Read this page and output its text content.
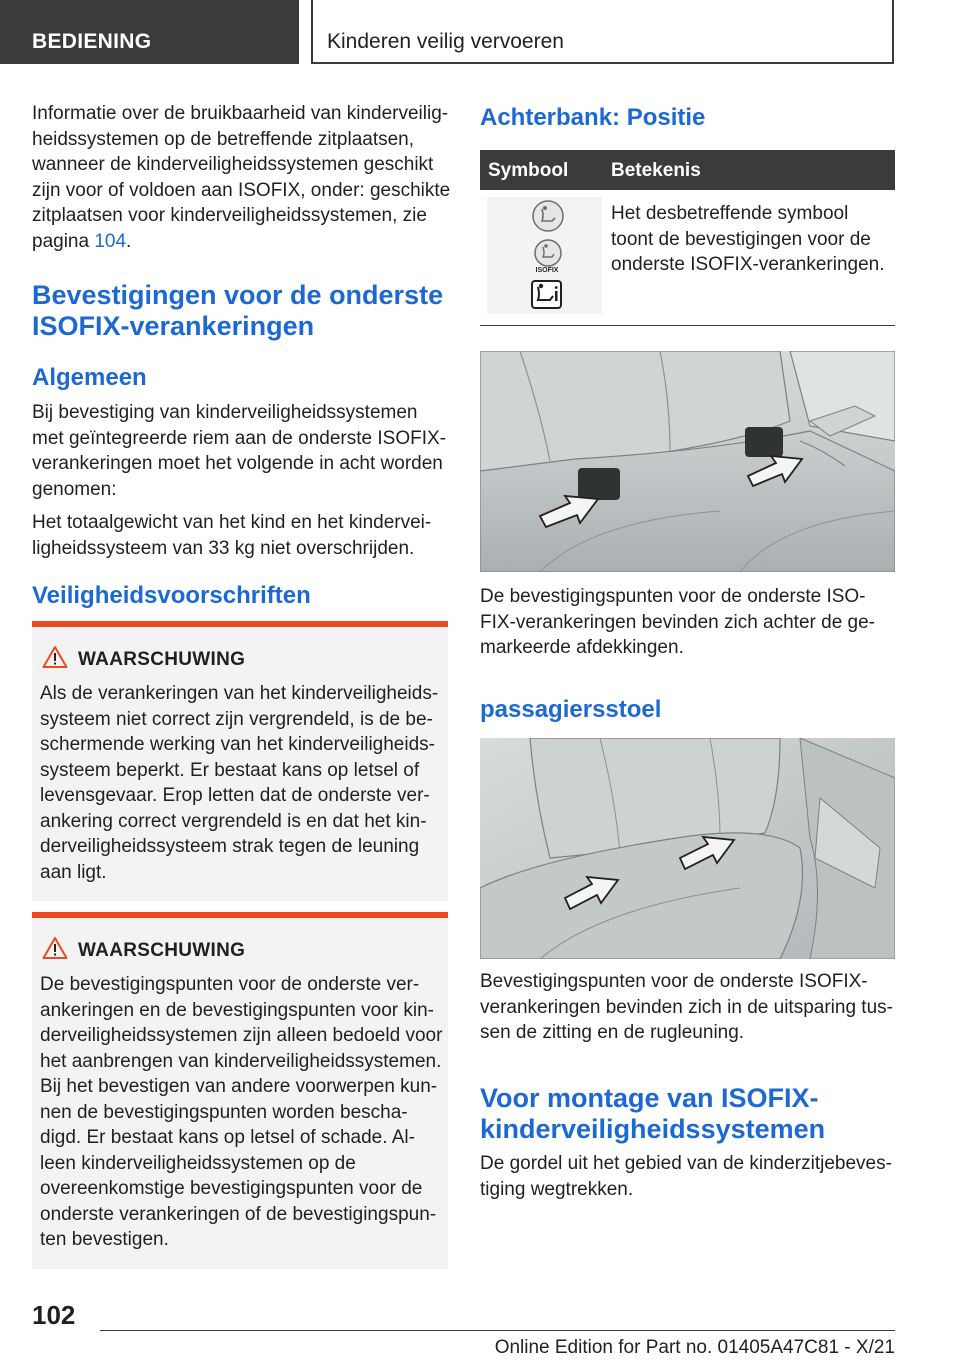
BEDIENING	Kinderen veilig vervoeren

Informatie over de bruikbaarheid van kinderveilig‐

heidssystemen op de betreffende zitplaatsen,

wanneer de kinderveiligheidssystemen geschikt

zijn voor of voldoen aan ISOFIX, onder: geschikte

zitplaatsen voor kinderveiligheidssystemen, zie

pagina 104.

Bevestigingen voor de onderste
ISOFIX-verankeringen
Algemeen

Bij bevestiging van kinderveiligheidssystemen

met geïntegreerde riem aan de onderste ISOFIX-

verankeringen moet het volgende in acht worden

genomen:

Het totaalgewicht van het kind en het kindervei‐

ligheidssysteem van 33 kg niet overschrijden.

Veiligheidsvoorschriften
WAARSCHUWING

Als de verankeringen van het kinderveiligheids‐

systeem niet correct zijn vergrendeld, is de be‐

schermende werking van het kinderveiligheids‐

systeem beperkt. Er bestaat kans op letsel of

levensgevaar. Erop letten dat de onderste ver‐

ankering correct vergrendeld is en dat het kin‐

derveiligheidssysteem strak tegen de leuning

aan ligt.

WAARSCHUWING

De bevestigingspunten voor de onderste ver‐

ankeringen en de bevestigingspunten voor kin‐

derveiligheidssystemen zijn alleen bedoeld voor

het aanbrengen van kinderveiligheidssystemen.

Bij het bevestigen van andere voorwerpen kun‐

nen de bevestigingspunten worden bescha‐

digd. Er bestaat kans op letsel of schade. Al‐

leen kinderveiligheidssystemen op de

overeenkomstige bevestigingspunten voor de

onderste verankeringen of de bevestigingspun‐

ten bevestigen.

Achterbank: Positie
Symbool Betekenis
ISOFIX

Het desbetreffende symbool

toont de bevestigingen voor de

onderste ISOFIX-verankeringen.

De bevestigingspunten voor de onderste ISO‐

FIX-verankeringen bevinden zich achter de ge‐

markeerde afdekkingen.

passagiersstoel

Bevestigingspunten voor de onderste ISOFIX-

verankeringen bevinden zich in de uitsparing tus‐

sen de zitting en de rugleuning.

Voor montage van ISOFIX-
kinderveiligheidssystemen

De gordel uit het gebied van de kinderzitjebeves‐

tiging wegtrekken.

102
Online Edition for Part no. 01405A47C81 - X/21
